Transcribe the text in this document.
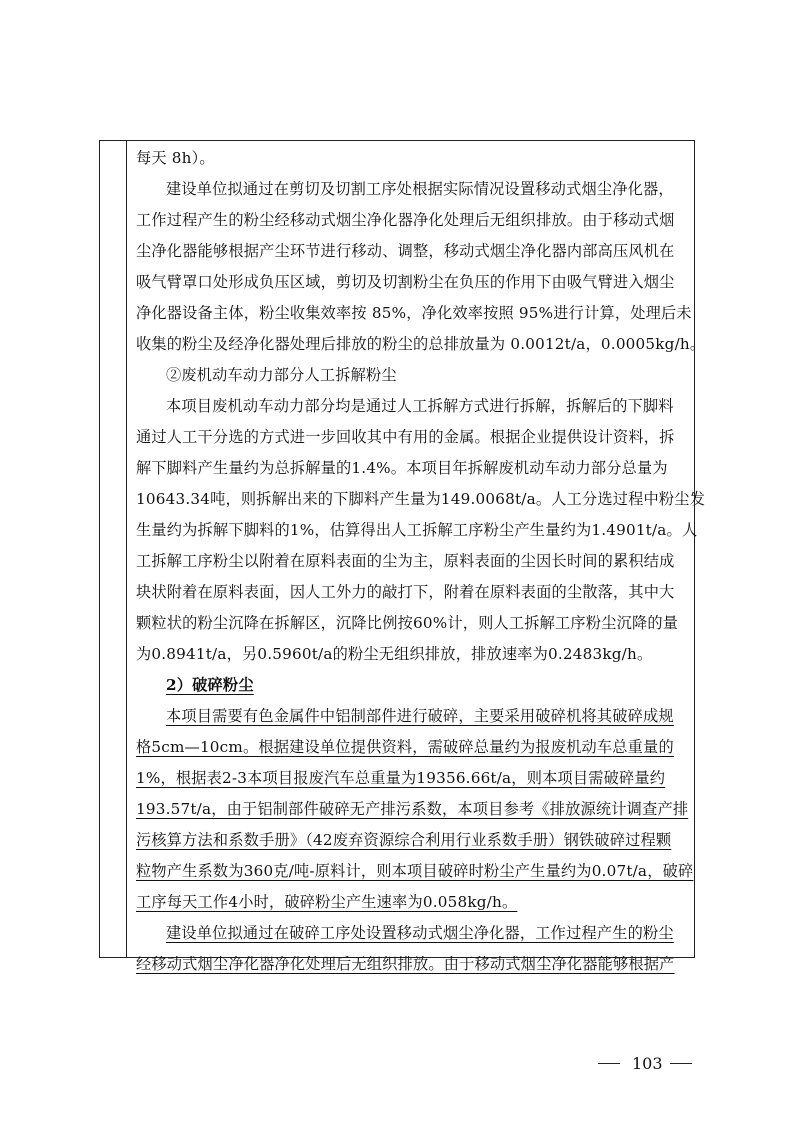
每天 8h）。
建设单位拟通过在剪切及切割工序处根据实际情况设置移动式烟尘净化器，
工作过程产生的粉尘经移动式烟尘净化器净化处理后无组织排放。由于移动式烟
尘净化器能够根据产尘环节进行移动、调整，移动式烟尘净化器内部高压风机在
吸气臂罩口处形成负压区域，剪切及切割粉尘在负压的作用下由吸气臂进入烟尘
净化器设备主体，粉尘收集效率按 85%，净化效率按照 95%进行计算，处理后未
收集的粉尘及经净化器处理后排放的粉尘的总排放量为 0.0012t/a，0.0005kg/h。
②废机动车动力部分人工拆解粉尘
本项目废机动车动力部分均是通过人工拆解方式进行拆解，拆解后的下脚料
通过人工干分选的方式进一步回收其中有用的金属。根据企业提供设计资料，拆
解下脚料产生量约为总拆解量的1.4%。本项目年拆解废机动车动力部分总量为
10643.34吨，则拆解出来的下脚料产生量为149.0068t/a。人工分选过程中粉尘发
生量约为拆解下脚料的1%，估算得出人工拆解工序粉尘产生量约为1.4901t/a。人
工拆解工序粉尘以附着在原料表面的尘为主，原料表面的尘因长时间的累积结成
块状附着在原料表面，因人工外力的敲打下，附着在原料表面的尘散落，其中大
颗粒状的粉尘沉降在拆解区，沉降比例按60%计，则人工拆解工序粉尘沉降的量
为0.8941t/a，另0.5960t/a的粉尘无组织排放，排放速率为0.2483kg/h。
2）破碎粉尘
本项目需要有色金属件中铝制部件进行破碎，主要采用破碎机将其破碎成规
格5cm—10cm。根据建设单位提供资料，需破碎总量约为报废机动车总重量的
1%，根据表2-3本项目报废汽车总重量为19356.66t/a，则本项目需破碎量约
193.57t/a，由于铝制部件破碎无产排污系数，本项目参考《排放源统计调查产排
污核算方法和系数手册》（42废弃资源综合利用行业系数手册）钢铁破碎过程颗
粒物产生系数为360克/吨-原料计，则本项目破碎时粉尘产生量约为0.07t/a，破碎
工序每天工作4小时，破碎粉尘产生速率为0.058kg/h。
建设单位拟通过在破碎工序处设置移动式烟尘净化器，工作过程产生的粉尘
经移动式烟尘净化器净化处理后无组织排放。由于移动式烟尘净化器能够根据产
103
